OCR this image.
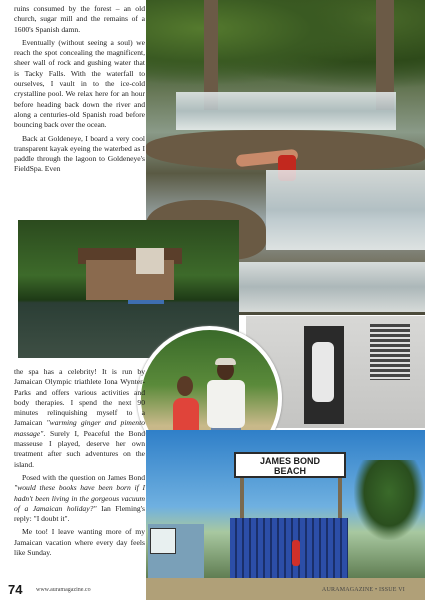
ruins consumed by the forest – an old church, sugar mill and the remains of a 1600's Spanish damn.

Eventually (without seeing a soul) we reach the spot concealing the magnificent, sheer wall of rock and gushing water that is Tacky Falls. With the waterfall to ourselves, I vault in to the ice-cold crystalline pool. We relax here for an hour before heading back down the river and along a centuries-old Spanish road before bouncing back over the ocean.

Back at Goldeneye, I board a very cool transparent kayak eyeing the waterbed as I paddle through the lagoon to Goldeneye's FieldSpa. Even

the spa has a celebrity! It is run by Jamaican Olympic triathlete Iona Wynter-Parks and offers various activities and body therapies. I spend the next 90 minutes relinquishing myself to a Jamaican "warming ginger and pimento massage". Surely I, Peaceful the Bond masseuse I played, deserve her own treatment after such adventures on the island.

Posed with the question on James Bond "would these books have been born if I hadn't been living in the gorgeous vacuum of a Jamaican holiday?" Ian Fleming's reply: "I doubt it".

Me too! I leave wanting more of my Jamaican vacation where every day feels like Sunday.

JAMES BOND
BEACH
74 www.auramagazine.co	AURAMAGAZINE • ISSUE VI
